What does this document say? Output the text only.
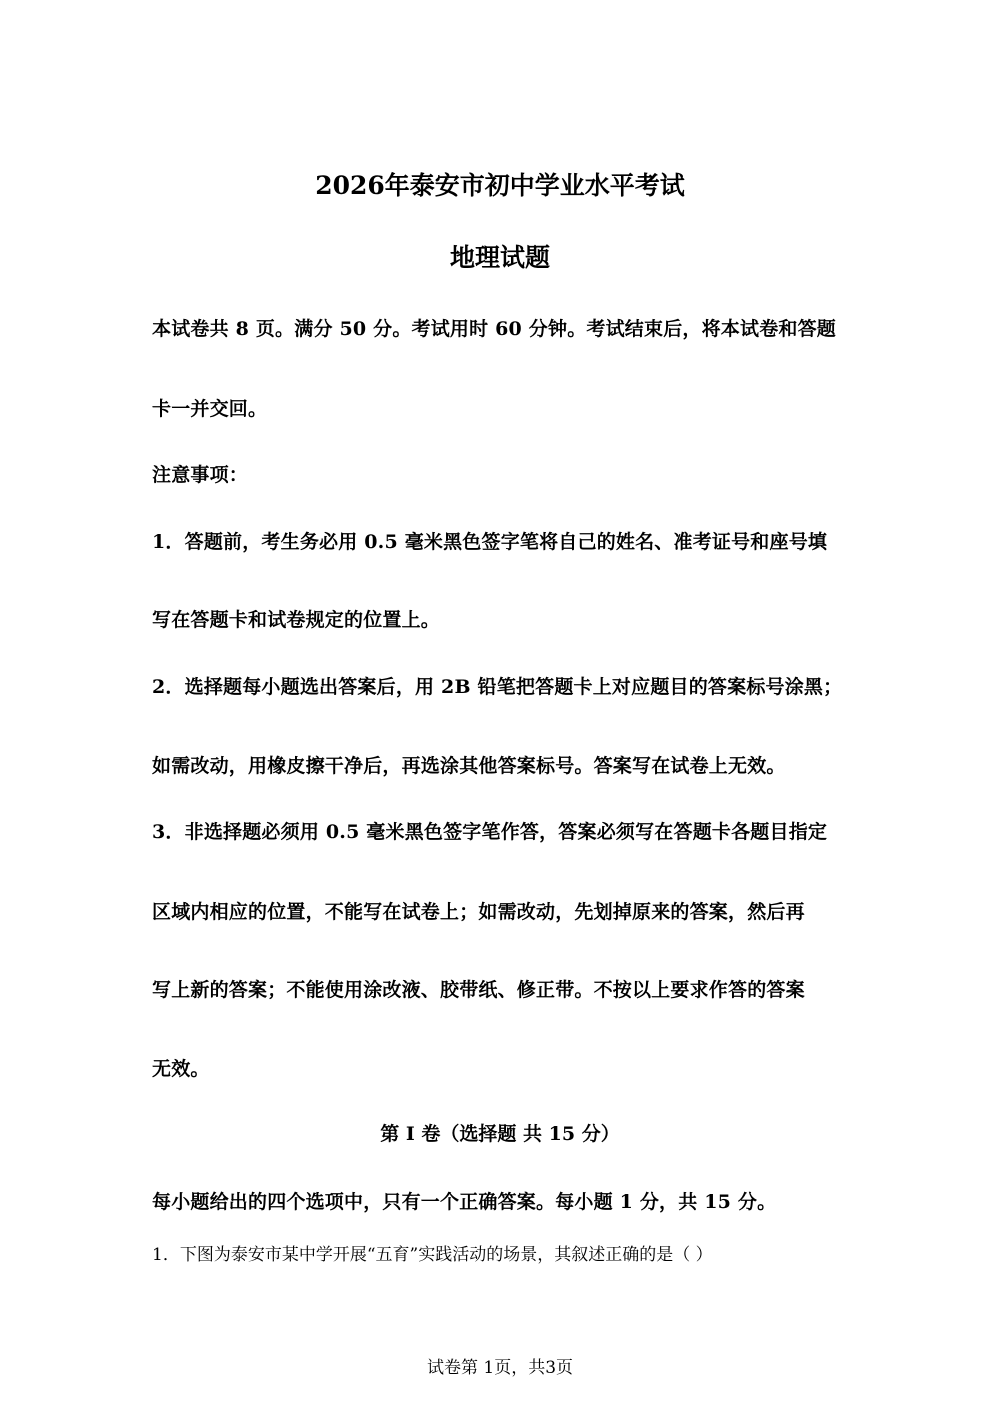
2026年泰安市初中学业水平考试
地理试题
本试卷共 8 页。满分 50 分。考试用时 60 分钟。考试结束后，将本试卷和答题
卡一并交回。
注意事项：
1．答题前，考生务必用 0.5 毫米黑色签字笔将自己的姓名、准考证号和座号填
写在答题卡和试卷规定的位置上。
2．选择题每小题选出答案后，用 2B 铅笔把答题卡上对应题目的答案标号涂黑；
如需改动，用橡皮擦干净后，再选涂其他答案标号。答案写在试卷上无效。
3．非选择题必须用 0.5 毫米黑色签字笔作答，答案必须写在答题卡各题目指定
区域内相应的位置，不能写在试卷上；如需改动，先划掉原来的答案，然后再
写上新的答案；不能使用涂改液、胶带纸、修正带。不按以上要求作答的答案
无效。
第 I 卷（选择题 共 15 分）
每小题给出的四个选项中，只有一个正确答案。每小题 1 分，共 15 分。
1．下图为泰安市某中学开展“五育”实践活动的场景，其叙述正确的是（ ）
试卷第 1页，共3页
